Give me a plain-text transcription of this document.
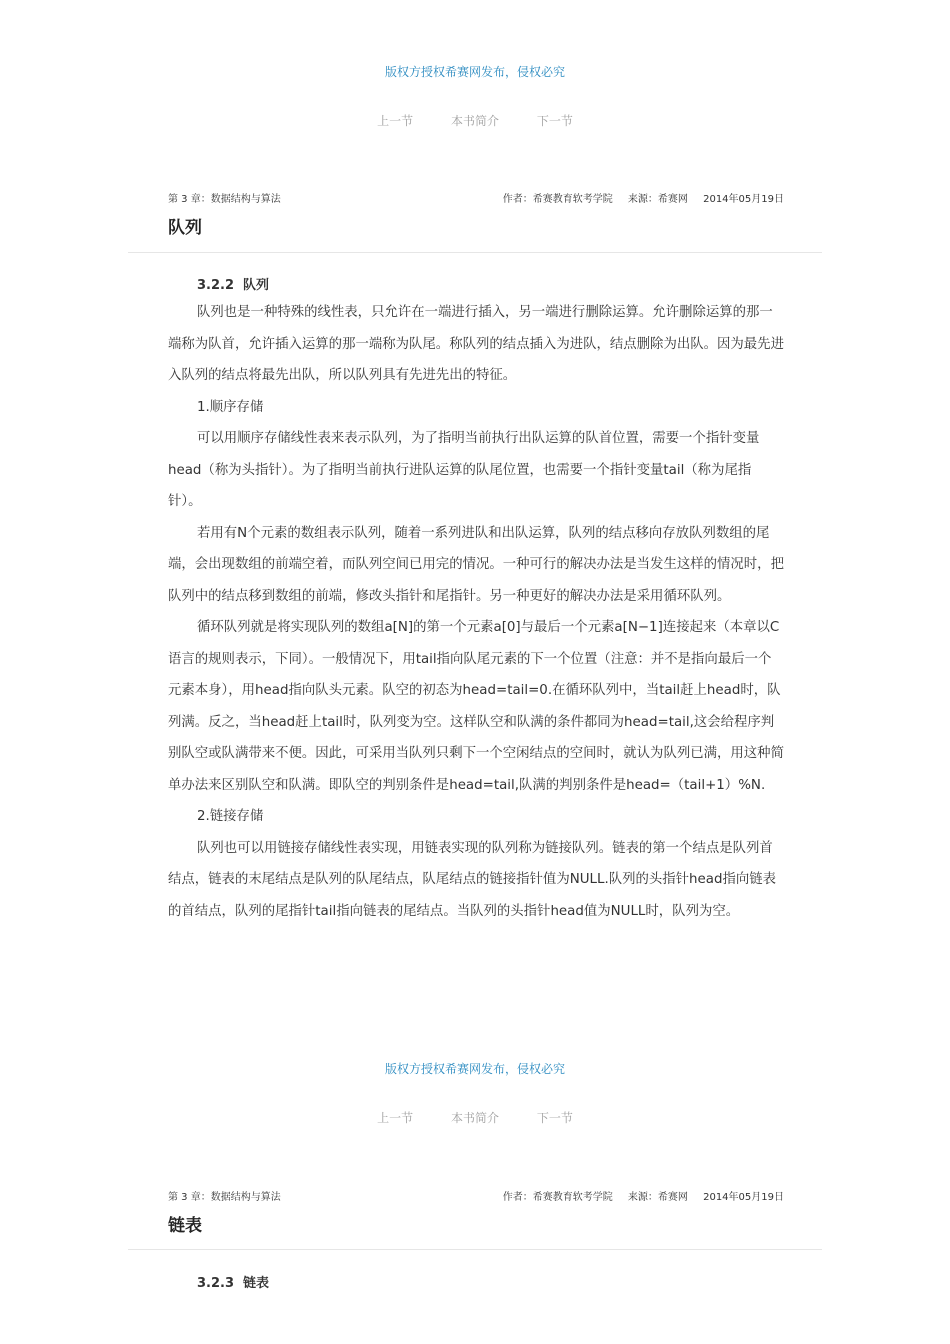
版权方授权希赛网发布，侵权必究
上一节	本书简介	下一节
第 3 章：数据结构与算法	作者：希赛教育软考学院 来源：希赛网 2014年05月19日
队列
3.2.2 队列

队列也是一种特殊的线性表，只允许在一端进行插入，另一端进行删除运算。允许删除运算的那一端称为队首，允许插入运算的那一端称为队尾。称队列的结点插入为进队，结点删除为出队。因为最先进入队列的结点将最先出队，所以队列具有先进先出的特征。

1.顺序存储

可以用顺序存储线性表来表示队列，为了指明当前执行出队运算的队首位置，需要一个指针变量head（称为头指针）。为了指明当前执行进队运算的队尾位置，也需要一个指针变量tail（称为尾指针）。

若用有N个元素的数组表示队列，随着一系列进队和出队运算，队列的结点移向存放队列数组的尾端，会出现数组的前端空着，而队列空间已用完的情况。一种可行的解决办法是当发生这样的情况时，把队列中的结点移到数组的前端，修改头指针和尾指针。另一种更好的解决办法是采用循环队列。

循环队列就是将实现队列的数组a[N]的第一个元素a[0]与最后一个元素a[N−1]连接起来（本章以C语言的规则表示，下同）。一般情况下，用tail指向队尾元素的下一个位置（注意：并不是指向最后一个元素本身），用head指向队头元素。队空的初态为head=tail=0.在循环队列中，当tail赶上head时，队列满。反之，当head赶上tail时，队列变为空。这样队空和队满的条件都同为head=tail,这会给程序判别队空或队满带来不便。因此，可采用当队列只剩下一个空闲结点的空间时，就认为队列已满，用这种简单办法来区别队空和队满。即队空的判别条件是head=tail,队满的判别条件是head=（tail+1）%N.

2.链接存储

队列也可以用链接存储线性表实现，用链表实现的队列称为链接队列。链表的第一个结点是队列首结点，链表的末尾结点是队列的队尾结点，队尾结点的链接指针值为NULL.队列的头指针head指向链表的首结点，队列的尾指针tail指向链表的尾结点。当队列的头指针head值为NULL时，队列为空。

版权方授权希赛网发布，侵权必究
上一节	本书简介	下一节
第 3 章：数据结构与算法	作者：希赛教育软考学院 来源：希赛网 2014年05月19日
链表
3.2.3 链表
